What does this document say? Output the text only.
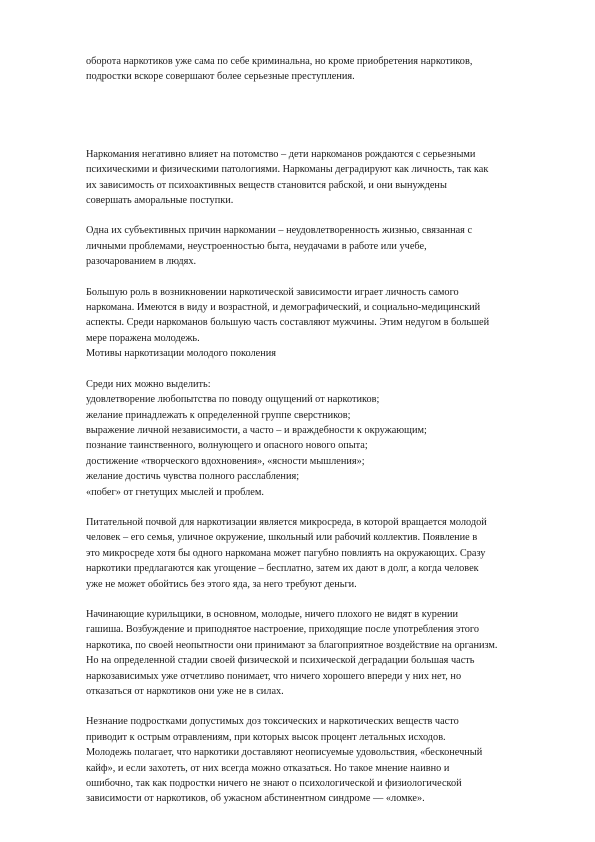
оборота наркотиков уже сама по себе криминальна, но кроме приобретения наркотиков,
подростки вскоре совершают более серьезные преступления.
Наркомания негативно влияет на потомство – дети наркоманов рождаются с серьезными
психическими и физическими патологиями. Наркоманы деградируют как личность, так как
их зависимость от психоактивных веществ становится рабской, и они вынуждены
совершать аморальные поступки.
Одна их субъективных причин наркомании – неудовлетворенность жизнью, связанная с
личными проблемами, неустроенностью быта, неудачами в работе или учебе,
разочарованием в людях.
Большую роль в возникновении наркотической зависимости играет личность самого
наркомана. Имеются в виду и возрастной, и демографический, и социально-медицинский
аспекты. Среди наркоманов большую часть составляют мужчины. Этим недугом в большей
мере поражена молодежь.
Мотивы наркотизации молодого поколения
Среди них можно выделить:
удовлетворение любопытства по поводу ощущений от наркотиков;
желание принадлежать к определенной группе сверстников;
выражение личной независимости, а часто – и враждебности к окружающим;
познание таинственного, волнующего и опасного нового опыта;
достижение «творческого вдохновения», «ясности мышления»;
желание достичь чувства полного расслабления;
«побег» от гнетущих мыслей и проблем.
Питательной почвой для наркотизации является микросреда, в которой вращается молодой
человек – его семья, уличное окружение, школьный или рабочий коллектив. Появление в
это микросреде хотя бы одного наркомана может пагубно повлиять на окружающих. Сразу
наркотики предлагаются как угощение – бесплатно, затем их дают в долг, а когда человек
уже не может обойтись без этого яда, за него требуют деньги.
Начинающие курильщики, в основном, молодые, ничего плохого не видят в курении
гашиша. Возбуждение и приподнятое настроение, приходящие после употребления этого
наркотика, по своей неопытности они принимают за благоприятное воздействие на организм.
Но на определенной стадии своей физической и психической деградации большая часть
наркозависимых уже отчетливо понимает, что ничего хорошего впереди у них нет, но
отказаться от наркотиков они уже не в силах.
Незнание подростками допустимых доз токсических и наркотических веществ часто
приводит к острым отравлениям, при которых высок процент летальных исходов.
Молодежь полагает, что наркотики доставляют неописуемые удовольствия, «бесконечный
кайф», и если захотеть, от них всегда можно отказаться. Но такое мнение наивно и
ошибочно, так как подростки ничего не знают о психологической и физиологической
зависимости от наркотиков, об ужасном абстинентном синдроме — «ломке».
